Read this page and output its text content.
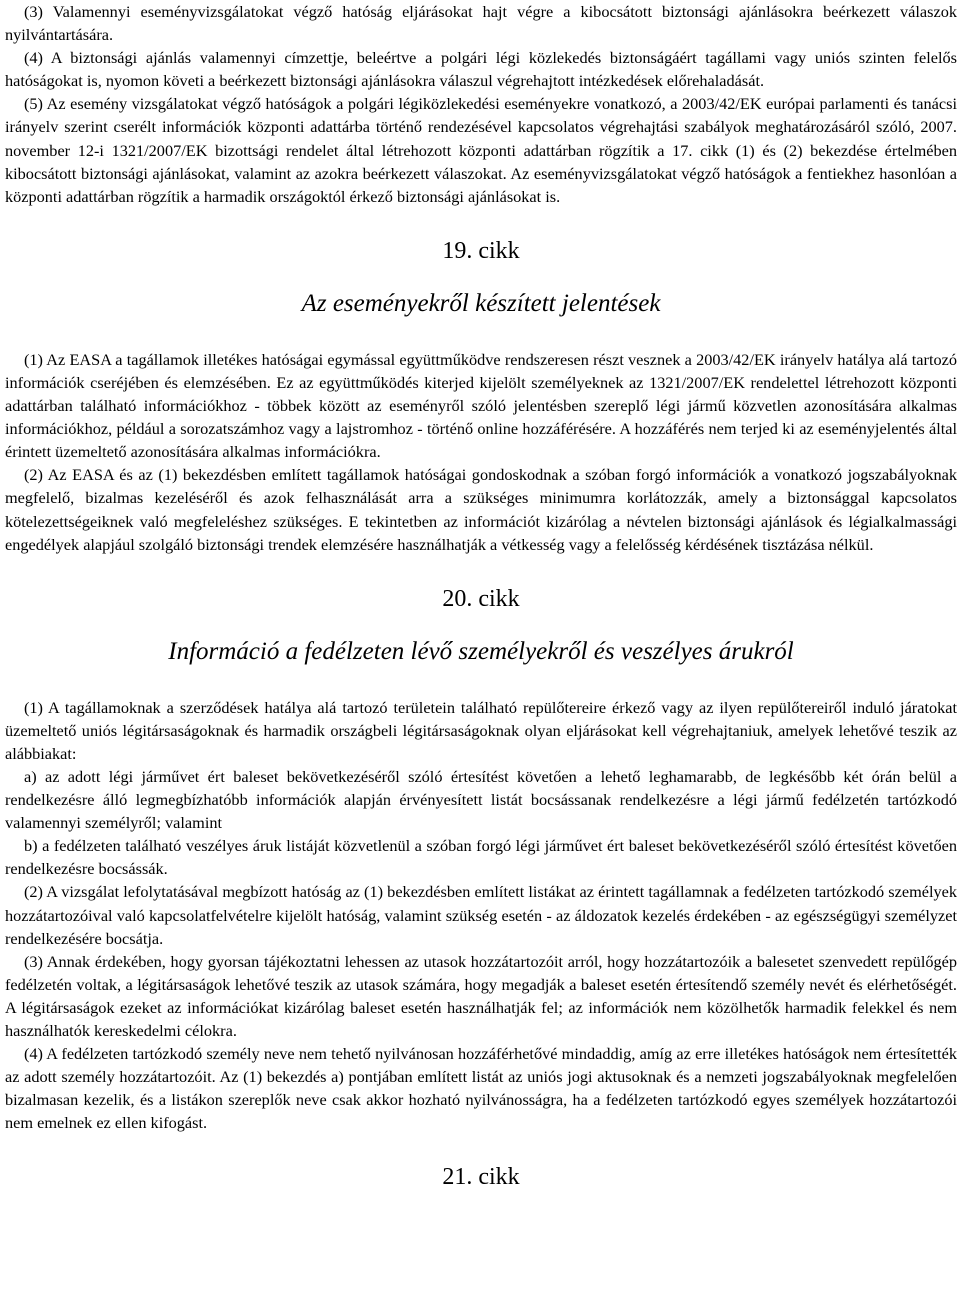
(3) Valamennyi eseményvizsgálatokat végző hatóság eljárásokat hajt végre a kibocsátott biztonsági ajánlásokra beérkezett válaszok nyilvántartására.

(4) A biztonsági ajánlás valamennyi címzettje, beleértve a polgári légi közlekedés biztonságáért tagállami vagy uniós szinten felelős hatóságokat is, nyomon követi a beérkezett biztonsági ajánlásokra válaszul végrehajtott intézkedések előrehaladását.

(5) Az esemény vizsgálatokat végző hatóságok a polgári légiközlekedési eseményekre vonatkozó, a 2003/42/EK európai parlamenti és tanácsi irányelv szerint cserélt információk központi adattárba történő rendezésével kapcsolatos végrehajtási szabályok meghatározásáról szóló, 2007. november 12-i 1321/2007/EK bizottsági rendelet által létrehozott központi adattárban rögzítik a 17. cikk (1) és (2) bekezdése értelmében kibocsátott biztonsági ajánlásokat, valamint az azokra beérkezett válaszokat. Az eseményvizsgálatokat végző hatóságok a fentiekhez hasonlóan a központi adattárban rögzítik a harmadik országoktól érkező biztonsági ajánlásokat is.

19. cikk

Az eseményekről készített jelentések

(1) Az EASA a tagállamok illetékes hatóságai egymással együttműködve rendszeresen részt vesznek a 2003/42/EK irányelv hatálya alá tartozó információk cseréjében és elemzésében. Ez az együttműködés kiterjed kijelölt személyeknek az 1321/2007/EK rendelettel létrehozott központi adattárban található információkhoz - többek között az eseményről szóló jelentésben szereplő légi jármű közvetlen azonosítására alkalmas információkhoz, például a sorozatszámhoz vagy a lajstromhoz - történő online hozzáférésére. A hozzáférés nem terjed ki az eseményjelentés által érintett üzemeltető azonosítására alkalmas információkra.

(2) Az EASA és az (1) bekezdésben említett tagállamok hatóságai gondoskodnak a szóban forgó információk a vonatkozó jogszabályoknak megfelelő, bizalmas kezeléséről és azok felhasználását arra a szükséges minimumra korlátozzák, amely a biztonsággal kapcsolatos kötelezettségeiknek való megfeleléshez szükséges. E tekintetben az információt kizárólag a névtelen biztonsági ajánlások és légialkalmassági engedélyek alapjául szolgáló biztonsági trendek elemzésére használhatják a vétkesség vagy a felelősség kérdésének tisztázása nélkül.

20. cikk

Információ a fedélzeten lévő személyekről és veszélyes árukról

(1) A tagállamoknak a szerződések hatálya alá tartozó területein található repülőtereire érkező vagy az ilyen repülőtereiről induló járatokat üzemeltető uniós légitársaságoknak és harmadik országbeli légitársaságoknak olyan eljárásokat kell végrehajtaniuk, amelyek lehetővé teszik az alábbiakat:

a) az adott légi járművet ért baleset bekövetkezéséről szóló értesítést követően a lehető leghamarabb, de legkésőbb két órán belül a rendelkezésre álló legmegbízhatóbb információk alapján érvényesített listát bocsássanak rendelkezésre a légi jármű fedélzetén tartózkodó valamennyi személyről; valamint

b) a fedélzeten található veszélyes áruk listáját közvetlenül a szóban forgó légi járművet ért baleset bekövetkezéséről szóló értesítést követően rendelkezésre bocsássák.

(2) A vizsgálat lefolytatásával megbízott hatóság az (1) bekezdésben említett listákat az érintett tagállamnak a fedélzeten tartózkodó személyek hozzátartozóival való kapcsolatfelvételre kijelölt hatóság, valamint szükség esetén - az áldozatok kezelés érdekében - az egészségügyi személyzet rendelkezésére bocsátja.

(3) Annak érdekében, hogy gyorsan tájékoztatni lehessen az utasok hozzátartozóit arról, hogy hozzátartozóik a balesetet szenvedett repülőgép fedélzetén voltak, a légitársaságok lehetővé teszik az utasok számára, hogy megadják a baleset esetén értesítendő személy nevét és elérhetőségét. A légitársaságok ezeket az információkat kizárólag baleset esetén használhatják fel; az információk nem közölhetők harmadik felekkel és nem használhatók kereskedelmi célokra.

(4) A fedélzeten tartózkodó személy neve nem tehető nyilvánosan hozzáférhetővé mindaddig, amíg az erre illetékes hatóságok nem értesítették az adott személy hozzátartozóit. Az (1) bekezdés a) pontjában említett listát az uniós jogi aktusoknak és a nemzeti jogszabályoknak megfelelően bizalmasan kezelik, és a listákon szereplők neve csak akkor hozható nyilvánosságra, ha a fedélzeten tartózkodó egyes személyek hozzátartozói nem emelnek ez ellen kifogást.

21. cikk
